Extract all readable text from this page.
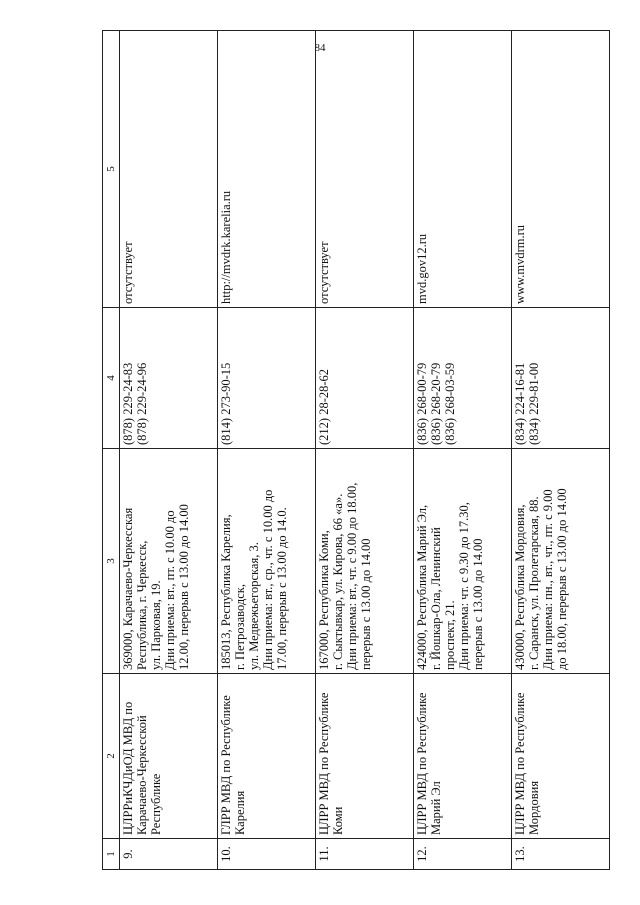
84
1	2	3	4	5
9.	ЦЛРРиКЧДиОД МВД по Карачаево-Черкесской Республике	369000, Карачаево-Черкесская Республика, г. Черкесск, ул. Парковая, 19. Дни приема: вт., пт. с 10.00 до 12.00, перерыв с 13.00 до 14.00	(878) 229-24-83 (878) 229-24-96	отсутствует
10.	ГЛРР МВД по Республике Карелия	185013, Республика Карелия, г. Петрозаводск, ул. Медвежьегорская, 3. Дни приема: вт., ср., чт. с 10.00 до 17.00, перерыв с 13.00 до 14.0.	(814) 273-90-15	http://mvdrk.karelia.ru
11.	ЦЛРР МВД по Республике Коми	167000, Республика Коми, г. Сыктывкар, ул. Кирова, 66 «а». Дни приема: вт., чт. с 9.00 до 18.00, перерыв с 13.00 до 14.00	(212) 28-28-62	отсутствует
12.	ЦЛРР МВД по Республике Марий Эл	424000, Республика Марий Эл, г. Йошкар-Ола, Ленинский проспект, 21. Дни приема: чт. с 9.30 до 17.30, перерыв с 13.00 до 14.00	(836) 268-00-79 (836) 268-20-79 (836) 268-03-59	mvd.gov12.ru
13.	ЦЛРР МВД по Республике Мордовия	430000, Республика Мордовия, г. Саранск, ул. Пролетарская, 88. Дни приема: пн., вт., чт., пт. с 9.00 до 18.00, перерыв с 13.00 до 14.00	(834) 224-16-81 (834) 229-81-00	www.mvdrm.ru
